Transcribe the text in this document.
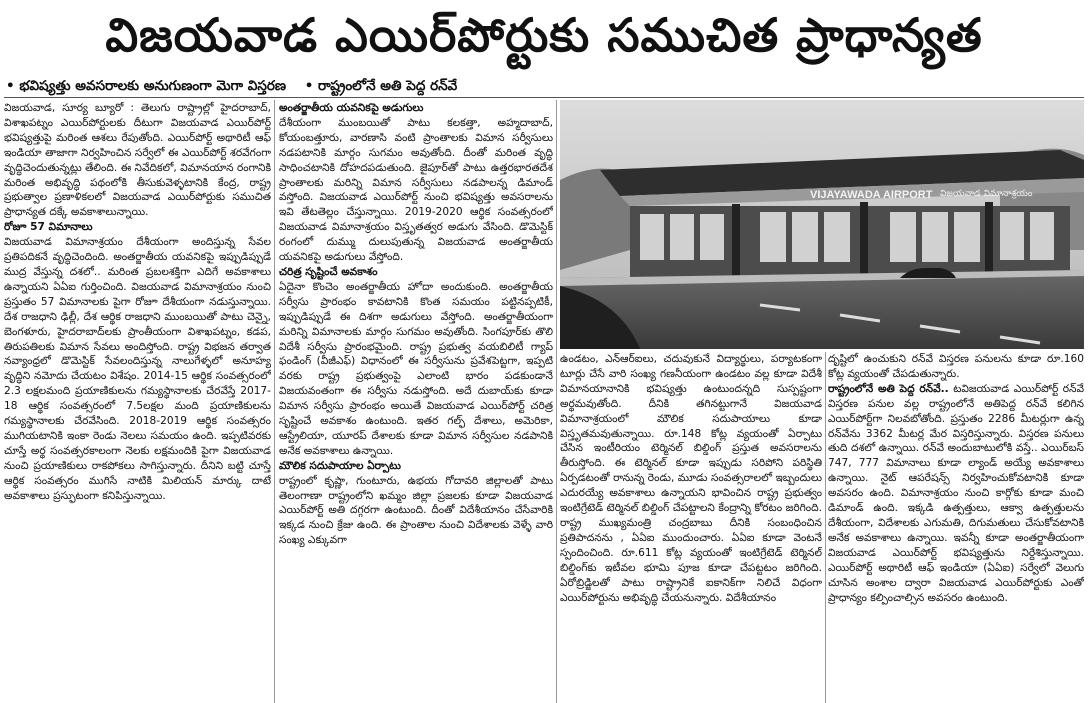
విజయవాడ ఎయిర్‌పోర్టుకు సముచిత ప్రాధాన్యత
• భవిష్యత్తు అవసరాలకు అనుగుణంగా మెగా విస్తరణ • రాష్ట్రంలోనే అతి పెద్ద రన్‌వే

విజయవాడ, సూర్య బ్యూరో : తెలుగు రాష్ట్రాల్లో హైదరాబాద్, విశాఖపట్నం ఎయిర్‌పోర్టులకు దీటుగా విజయవాడ ఎయిర్‌పోర్ట్ భవిష్యత్తుపై మరింత ఆశలు రేపుతోంది. ఎయిర్‌పోర్ట్ అథారిటీ ఆఫ్ ఇండియా తాజాగా నిర్వహించిన సర్వేలో ఈ ఎయిర్‌పోర్ట్ శరవేగంగా వృద్ధిచెందుతున్నట్లు తేలింది. ఈ నివేదికలో, విమానయాన రంగానికి మరింత అభివృద్ధి పథంలోకి తీసుకువెళ్ళటానికి కేంద్ర, రాష్ట్ర ప్రభుత్వాల ప్రణాళికలలో విజయవాడ ఎయిర్‌పోర్టుకు సముచిత ప్రాధాన్యత దక్కే అవకాశాలున్నాయి.

రోజూ 57 విమానాలు

విజయవాడ విమానాశ్రయం దేశీయంగా అందిస్తున్న సేవల ప్రతిపదికనే వృద్ధిచెందింది. అంతర్జాతీయ యవనికపై ఇప్పుడిప్పుడే ముద్ర వేస్తున్న దశలో.. మరింత ప్రబలశక్తిగా ఎదిగే అవకాశాలు ఉన్నాయని ఏఏఐ గుర్తించింది. విజయవాడ విమానాశ్రయం నుంచి ప్రస్తుతం 57 విమానాలకు పైగా రోజూ దేశీయంగా నడుస్తున్నాయి. దేశ రాజధాని ఢిల్లీ, దేశ ఆర్థిక రాజధాని ముంబయితో పాటు చెన్నై, బెంగళూరు, హైదరాబాద్‌లకు ప్రాంతీయంగా విశాఖపట్నం, కడప, తిరుపతిలకు విమాన సేవలు అందిస్తోంది. రాష్ట్ర విభజన తర్వాత నవ్యాంధ్రలో డొమెస్టిక్ సేవలందిస్తున్న నాలుగేళ్ళలో అనూహ్య వృద్ధిని నమోదు చేయటం విశేషం. 2014-15 ఆర్థిక సంవత్సరంలో 2.3 లక్షలమంది ప్రయాణికులను గమ్యస్థానాలకు చేరవేస్తే 2017-18 ఆర్థిక సంవత్సరంలో 7.5లక్షల మంది ప్రయాణికులను గమ్యస్థానాలకు చేరవేసింది. 2018-2019 ఆర్థిక సంవత్సరం ముగియటానికి ఇంకా రెండు నెలలు సమయం ఉంది. ఇప్పటివరకు చూస్తే అర్థ సంవత్సరకాలంగా నెలకు లక్షమందికి పైగా విజయవాడ నుంచి ప్రయాణికులు రాకపోకలు సాగిస్తున్నారు. దీనిని బట్టి చూస్తే ఆర్థిక సంవత్సరం ముగిసే నాటికి మిలియన్ మార్కు దాటే అవకాశాలు ప్రస్ఫుటంగా కనిపిస్తున్నాయి.

అంతర్జాతీయ యవనికపై అడుగులు

దేశీయంగా ముంబయితో పాటు కలకత్తా, అహ్మదాబాద్, కోయంబత్తూరు, వారణాసి వంటి ప్రాంతాలకు విమాన సర్వీసులు నడపటానికి మార్గం సుగమం అవుతోంది. దీంతో మరింత వృద్ధి సాధించటానికి దోహదపడుతుంది. జైపూర్‌తో పాటు ఉత్తరభారతదేశ ప్రాంతాలకు మరిన్ని విమాన సర్వీసులు నడపాలన్న డిమాండ్ వస్తోంది. విజయవాడ ఎయిర్‌పోర్ట్ నుంచి భవిష్యత్తు అవసరాలను ఇవి తేటతెల్లం చేస్తున్నాయి. 2019-2020 ఆర్థిక సంవత్సరంలో విజయవాడ విమానాశ్రయం విస్తృతత్వర అడుగు వేసింది. డొమెస్టిక్ రంగంలో దుమ్ము దులుపుతున్న విజయవాడ అంతర్జాతీయ యవనికపై అడుగులు వేస్తోంది.

చరిత్ర సృష్టించే అవకాశం

ఏదైనా కొంచెం అంతర్జాతీయ హోదా అందుకుంది. అంతర్జాతీయ సర్వీసు ప్రారంభం కావటానికి కొంత సమయం పట్టినప్పటికీ, ఇప్పుడిప్పుడే ఈ దిశగా అడుగులు వేస్తోంది. అంతర్జాతీయంగా మరిన్ని విమానాలకు మార్గం సుగమం అవుతోంది. సింగపూర్‌కు తొలి విదేశీ సర్వీసు ప్రారంభమైంది. రాష్ట్ర ప్రభుత్వ వయబిలిటీ గ్యాప్ ఫండింగ్ (వీజీఎఫ్) విధానంలో ఈ సర్వీసును ప్రవేశపెట్టగా, ఇప్పటి వరకు రాష్ట్ర ప్రభుత్వంపై ఎలాంటి భారం పడకుండానే విజయవంతంగా ఈ సర్వీసు నడుస్తోంది. అదే దుబాయ్‌కు కూడా విమాన సర్వీసు ప్రారంభం అయితే విజయవాడ ఎయిర్‌పోర్ట్ చరిత్ర సృష్టించే అవకాశం ఉంటుంది. ఇతర గల్ఫ్ దేశాలు, అమెరికా, ఆస్ట్రేలియా, యూరప్ దేశాలకు కూడా విమాన సర్వీసుల నడపానికి అనేక అవకాశాలు ఉన్నాయి.

మౌలిక సదుపాయాల ఏర్పాటు

రాష్ట్రంలో కృష్ణా, గుంటూరు, ఉభయ గోదావరి జిల్లాలతో పాటు తెలంగాణా రాష్ట్రంలోని ఖమ్మం జిల్లా ప్రజలకు కూడా విజయవాడ ఎయిర్‌పోర్ట్ అతి దగ్గరగా ఉంటుంది. దీంతో విదేశీయానం చేసేవారికి ఇక్కడ నుంచి క్రేజు ఉంది. ఈ ప్రాంతాల నుంచి విదేశాలకు వెళ్ళే వారి సంఖ్య ఎక్కువగా

VIJAYAWADA AIRPORT విజయవాడ విమానాశ్రయం

ఉండటం, ఎన్ఆర్ఐలు, చదువుకునే విద్యార్థులు, పర్యాటకంగా టూర్లు చేసే వారి సంఖ్య గణనీయంగా ఉండటం వల్ల కూడా విదేశీ విమానయానానికి భవిష్యత్తు ఉంటుందన్నది సుస్పష్టంగా అర్థమవుతోంది. దీనికి తగినట్టుగానే విజయవాడ విమానాశ్రయంలో మౌలిక సదుపాయాలు కూడా విస్తృతమవుతున్నాయి. రూ.148 కోట్ల వ్యయంతో ఏర్పాటు చేసిన ఇంటీరియం టెర్మినల్ బిల్డింగ్ ప్రస్తుత అవసరాలను తీరుస్తోంది. ఈ టెర్మినల్ కూడా ఇప్పుడు సరిపోని పరిస్థితి ఏర్పడటంతో రానున్న రెండు, మూడు సంవత్సరాలలో ఇబ్బందులు ఎదురయ్యే అవకాశాలు ఉన్నాయని భావించిన రాష్ట్ర ప్రభుత్వం ఇంటిగ్రేటెడ్ టెర్మినల్ బిల్డింగ్ చేపట్టాలని కేంద్రాన్ని కోరటం జరిగింది. రాష్ట్ర ముఖ్యమంత్రి చంద్రబాబు దీనికి సంబంధించిన ప్రతిపాదనను , ఏఏఐ ముందుంచారు. ఏఏఐ కూడా వెంటనే స్పందించింది. రూ.611 కోట్ల వ్యయంతో ఇంటిగ్రేటెడ్ టెర్మినల్ బిల్డింగ్‌కు ఇటీవల భూమి పూజ కూడా చేపట్టటం జరిగింది. ఏరోబ్రిడ్జిలతో పాటు రాష్ట్రానికే ఐకానిక్‌గా నిలిచే విధంగా ఎయిర్‌పోర్టును అభివృద్ధి చేయనున్నారు. విదేశీయానం

దృష్టిలో ఉంచుకుని రన్‌వే విస్తరణ పనులను కూడా రూ.160 కోట్ల వ్యయంతో చేపడుతున్నారు.

రాష్ట్రంలోనే అతి పెద్ద రన్‌వే.. టవిజయవాడ ఎయిర్‌పోర్ట్ రన్‌వే విస్తరణ పనుల వల్ల రాష్ట్రంలోనే అతిపెద్ద రన్‌వే కలిగిన ఎయిర్‌పోర్ట్‌గా నిలవబోతోంది. ప్రస్తుతం 2286 మీటర్లుగా ఉన్న రన్‌వేను 3362 మీటర్ల మేర విస్తరిస్తున్నారు. విస్తరణ పనులు తుది దశలో ఉన్నాయి. రన్‌వే అందుబాటులోకి వస్తే.. ఎయిర్‌బస్ 747, 777 విమానాలు కూడా ల్యాండ్ అయ్యే అవకాశాలు ఉన్నాయి. నైట్ ఆపరేషన్స్ నిర్వహించుకోవటానికి కూడా అవసరం ఉంది. విమానాశ్రయం నుంచి కార్గోకు కూడా మంచి డిమాండ్ ఉంది. ఇక్కడి ఉత్పత్తులు, ఆక్వా ఉత్పత్తులను దేశీయంగా, విదేశాలకు ఎగుమతి, దిగుమతులు చేసుకోవటానికి అనేక అవకాశాలు ఉన్నాయి. ఇవన్నీ కూడా అంతర్జాతీయంగా విజయవాడ ఎయిర్‌పోర్ట్ భవిష్యత్తును నిర్దేశిస్తున్నాయి. ఎయిర్‌పోర్ట్ అథారిటీ ఆఫ్ ఇండియా (ఏఏఐ) సర్వేలో వెలుగు చూసిన అంశాల ద్వారా విజయవాడ ఎయిర్‌పోర్టుకు ఎంతో ప్రాధాన్యం కల్పించాల్సిన అవసరం ఉంటుంది.
